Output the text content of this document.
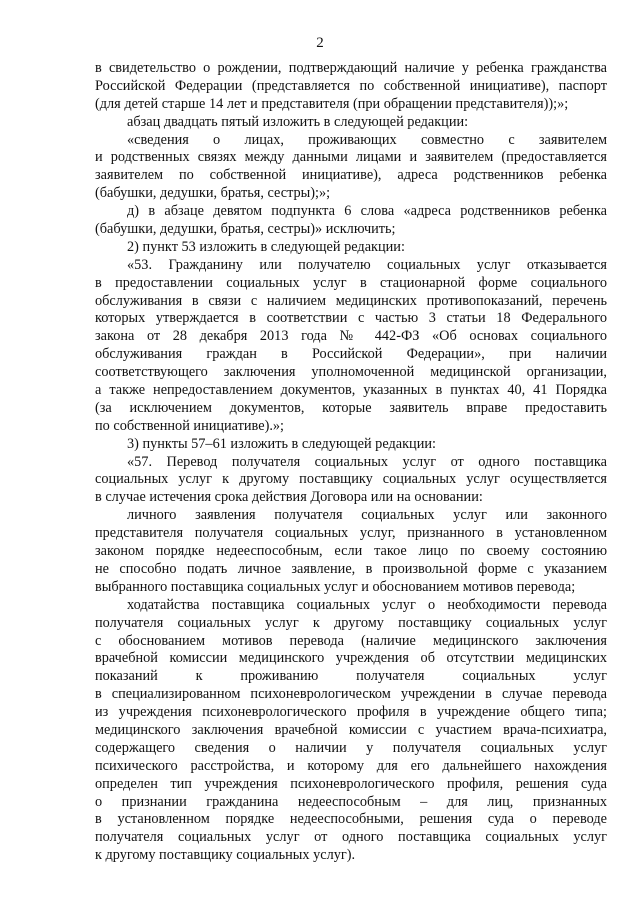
2
в свидетельство о рождении, подтверждающий наличие у ребенка гражданства
Российской Федерации (представляется по собственной инициативе), паспорт
(для детей старше 14 лет и представителя (при обращении представителя));»;
абзац двадцать пятый изложить в следующей редакции:
«сведения о лицах, проживающих совместно с заявителем
и родственных связях между данными лицами и заявителем (предоставляется
заявителем по собственной инициативе), адреса родственников ребенка
(бабушки, дедушки, братья, сестры);»;
д) в абзаце девятом подпункта 6 слова «адреса родственников ребенка
(бабушки, дедушки, братья, сестры)» исключить;
2) пункт 53 изложить в следующей редакции:
«53. Гражданину или получателю социальных услуг отказывается
в предоставлении социальных услуг в стационарной форме социального
обслуживания в связи с наличием медицинских противопоказаний, перечень
которых утверждается в соответствии с частью 3 статьи 18 Федерального
закона от 28 декабря 2013 года № 442-ФЗ «Об основах социального
обслуживания граждан в Российской Федерации», при наличии
соответствующего заключения уполномоченной медицинской организации,
а также непредоставлением документов, указанных в пунктах 40, 41 Порядка
(за исключением документов, которые заявитель вправе предоставить
по собственной инициативе).»;
3) пункты 57–61 изложить в следующей редакции:
«57. Перевод получателя социальных услуг от одного поставщика
социальных услуг к другому поставщику социальных услуг осуществляется
в случае истечения срока действия Договора или на основании:
личного заявления получателя социальных услуг или законного
представителя получателя социальных услуг, признанного в установленном
законом порядке недееспособным, если такое лицо по своему состоянию
не способно подать личное заявление, в произвольной форме с указанием
выбранного поставщика социальных услуг и обоснованием мотивов перевода;
ходатайства поставщика социальных услуг о необходимости перевода
получателя социальных услуг к другому поставщику социальных услуг
с обоснованием мотивов перевода (наличие медицинского заключения
врачебной комиссии медицинского учреждения об отсутствии медицинских
показаний к проживанию получателя социальных услуг
в специализированном психоневрологическом учреждении в случае перевода
из учреждения психоневрологического профиля в учреждение общего типа;
медицинского заключения врачебной комиссии с участием врача-психиатра,
содержащего сведения о наличии у получателя социальных услуг
психического расстройства, и которому для его дальнейшего нахождения
определен тип учреждения психоневрологического профиля, решения суда
о признании гражданина недееспособным – для лиц, признанных
в установленном порядке недееспособными, решения суда о переводе
получателя социальных услуг от одного поставщика социальных услуг
к другому поставщику социальных услуг).
